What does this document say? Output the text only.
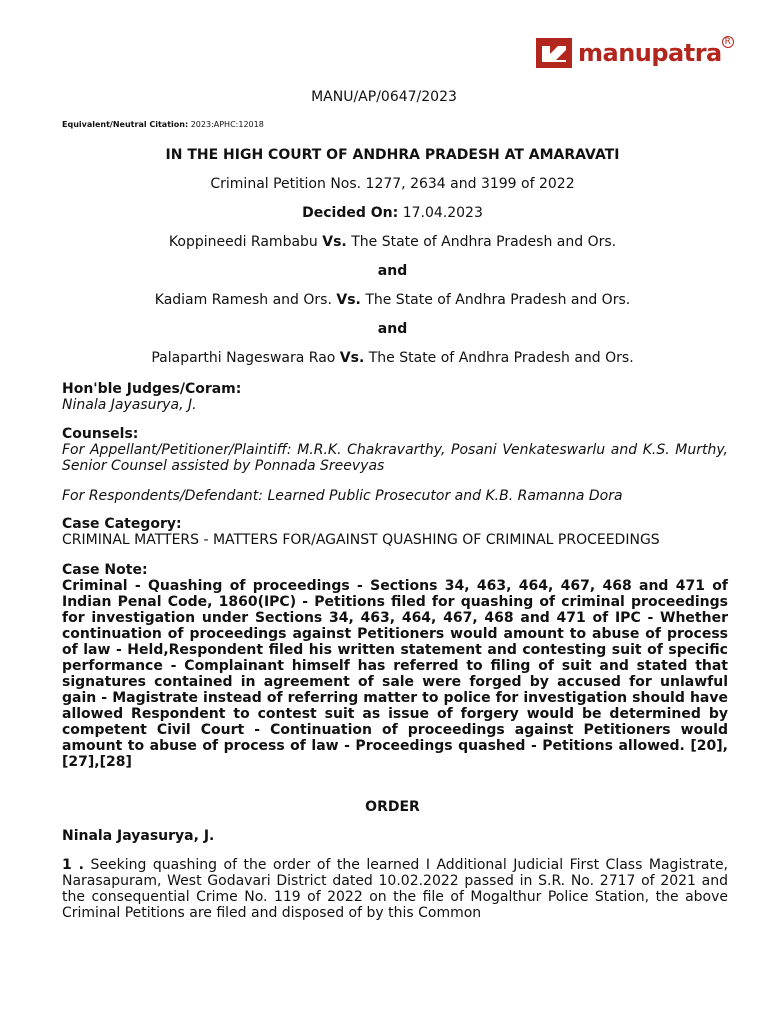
manupatra R
MANU/AP/0647/2023
Equivalent/Neutral Citation: 2023:APHC:12018
IN THE HIGH COURT OF ANDHRA PRADESH AT AMARAVATI
Criminal Petition Nos. 1277, 2634 and 3199 of 2022
Decided On: 17.04.2023
Koppineedi Rambabu Vs. The State of Andhra Pradesh and Ors.
and
Kadiam Ramesh and Ors. Vs. The State of Andhra Pradesh and Ors.
and
Palaparthi Nageswara Rao Vs. The State of Andhra Pradesh and Ors.
Hon'ble Judges/Coram:
Ninala Jayasurya, J.
Counsels:
For Appellant/Petitioner/Plaintiff: M.R.K. Chakravarthy, Posani Venkateswarlu and K.S. Murthy, Senior Counsel assisted by Ponnada Sreevyas
For Respondents/Defendant: Learned Public Prosecutor and K.B. Ramanna Dora
Case Category:
CRIMINAL MATTERS - MATTERS FOR/AGAINST QUASHING OF CRIMINAL PROCEEDINGS
Case Note:
Criminal - Quashing of proceedings - Sections 34, 463, 464, 467, 468 and 471 of Indian Penal Code, 1860(IPC) - Petitions filed for quashing of criminal proceedings for investigation under Sections 34, 463, 464, 467, 468 and 471 of IPC - Whether continuation of proceedings against Petitioners would amount to abuse of process of law - Held,Respondent filed his written statement and contesting suit of specific performance - Complainant himself has referred to filing of suit and stated that signatures contained in agreement of sale were forged by accused for unlawful gain - Magistrate instead of referring matter to police for investigation should have allowed Respondent to contest suit as issue of forgery would be determined by competent Civil Court - Continuation of proceedings against Petitioners would amount to abuse of process of law - Proceedings quashed - Petitions allowed. [20], [27],[28]
ORDER
Ninala Jayasurya, J.
1 . Seeking quashing of the order of the learned I Additional Judicial First Class Magistrate, Narasapuram, West Godavari District dated 10.02.2022 passed in S.R. No. 2717 of 2021 and the consequential Crime No. 119 of 2022 on the file of Mogalthur Police Station, the above Criminal Petitions are filed and disposed of by this Common
